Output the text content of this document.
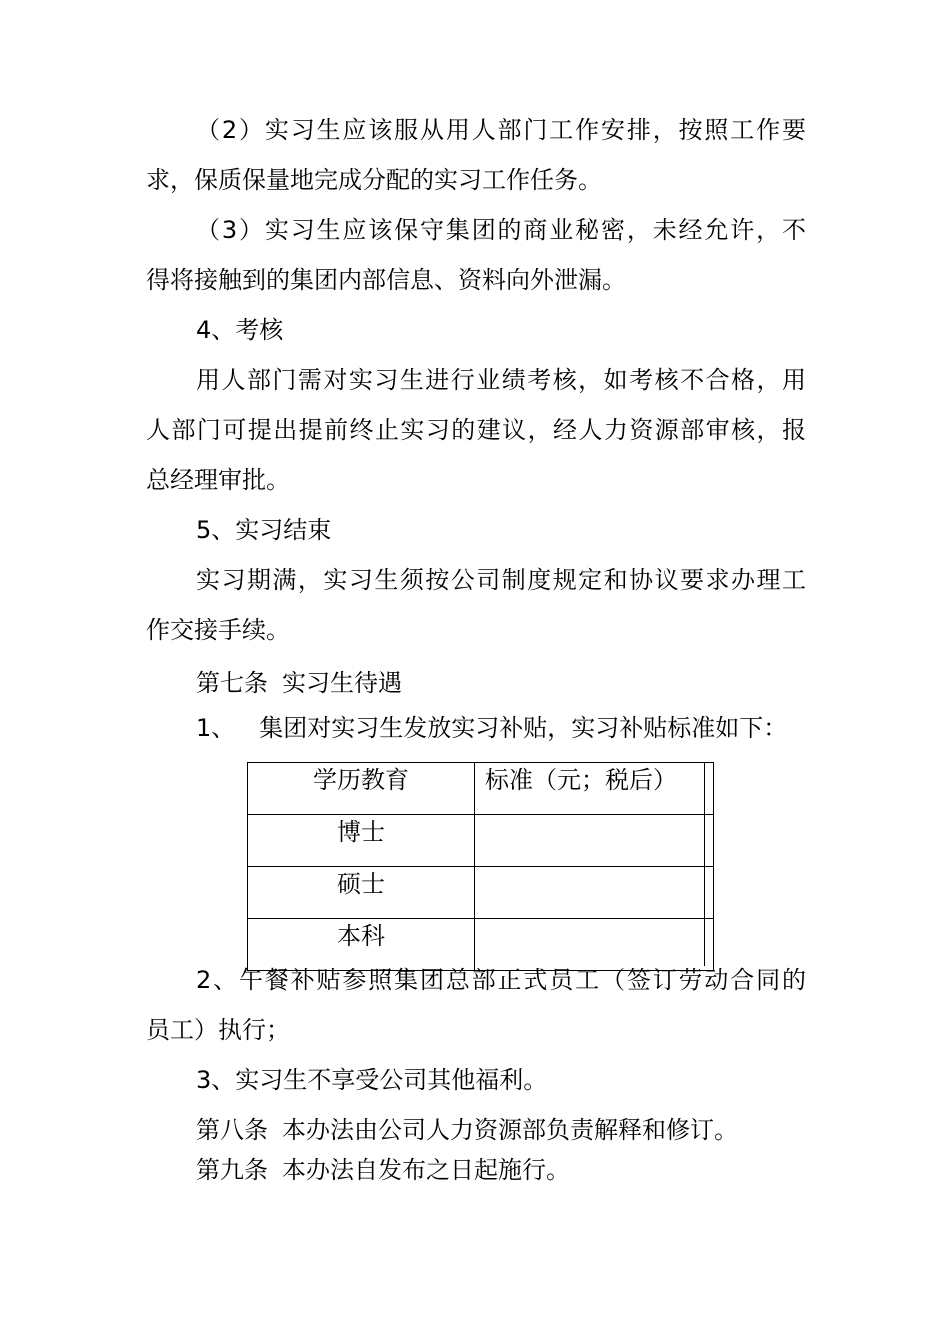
（2）实习生应该服从用人部门工作安排，按照工作要
求，保质保量地完成分配的实习工作任务。
（3）实习生应该保守集团的商业秘密，未经允许，不
得将接触到的集团内部信息、资料向外泄漏。
4、考核
用人部门需对实习生进行业绩考核，如考核不合格，用
人部门可提出提前终止实习的建议，经人力资源部审核，报
总经理审批。
5、实习结束
实习期满，实习生须按公司制度规定和协议要求办理工
作交接手续。
第七条 实习生待遇
1、 集团对实习生发放实习补贴，实习补贴标准如下：
学历教育	标准（元；税后）
博士	
硕士	
本科	
2、午餐补贴参照集团总部正式员工（签订劳动合同的
员工）执行；
3、实习生不享受公司其他福利。
第八条 本办法由公司人力资源部负责解释和修订。
第九条 本办法自发布之日起施行。
